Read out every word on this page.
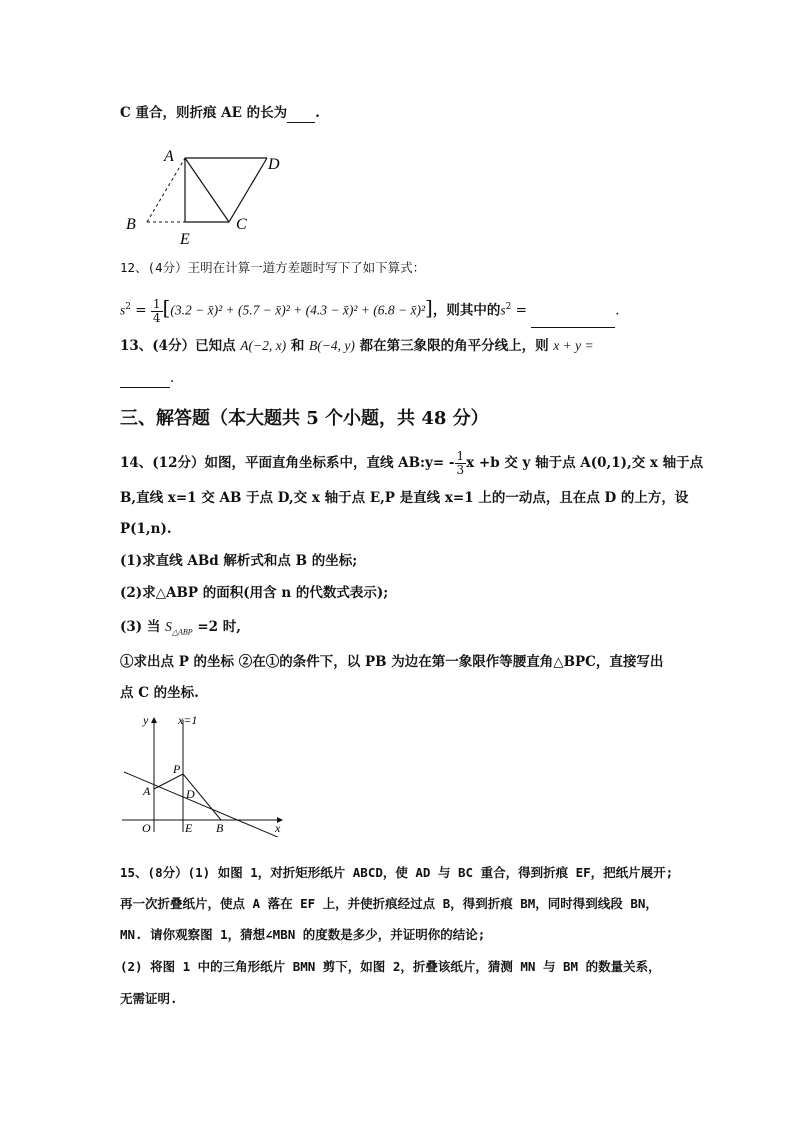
C 重合，则折痕 AE 的长为 .
A	D
B	C
E
12、(4分）王明在计算一道方差题时写下了如下算式：
$s^2 = \frac{1}{4} [(3.2$ − x̄)² + (5.7 − x̄)² + (4.3 − x̄)² + (6.8 − x̄)²]，则其中的$s^2$ =	.
13、(4分）已知点 A(−2, x) 和 B(−4, y) 都在第三象限的角平分线上，则 x + y =
.
三、解答题（本大题共 5 个小题，共 48 分）
14、(12分）如图，平面直角坐标系中，直线 AB:y= - $\frac{1}{3}$ x +b 交 y 轴于点 A(0,1),交 x 轴于点
B,直线 x=1 交 AB 于点 D,交 x 轴于点 E,P 是直线 x=1 上的一动点，且在点 D 的上方，设
P(1,n).
(1)求直线 ABd 解析式和点 B 的坐标;
(2)求△ABP 的面积(用含 n 的代数式表示);
(3) 当 $S_{\triangle ABP} =2$ 时,
①求出点 P 的坐标 ②在①的条件下，以 PB 为边在第一象限作等腰直角△BPC，直接写出
点 C 的坐标.
y x=1
P
A	D
O	E B	x
15、(8分）(1) 如图 1，对折矩形纸片 ABCD，使 AD 与 BC 重合，得到折痕 EF，把纸片展开;
再一次折叠纸片，使点 A 落在 EF 上，并使折痕经过点 B，得到折痕 BM，同时得到线段 BN，
MN. 请你观察图 1，猜想∠MBN 的度数是多少，并证明你的结论;
(2) 将图 1 中的三角形纸片 BMN 剪下，如图 2，折叠该纸片，猜测 MN 与 BM 的数量关系，
无需证明.
